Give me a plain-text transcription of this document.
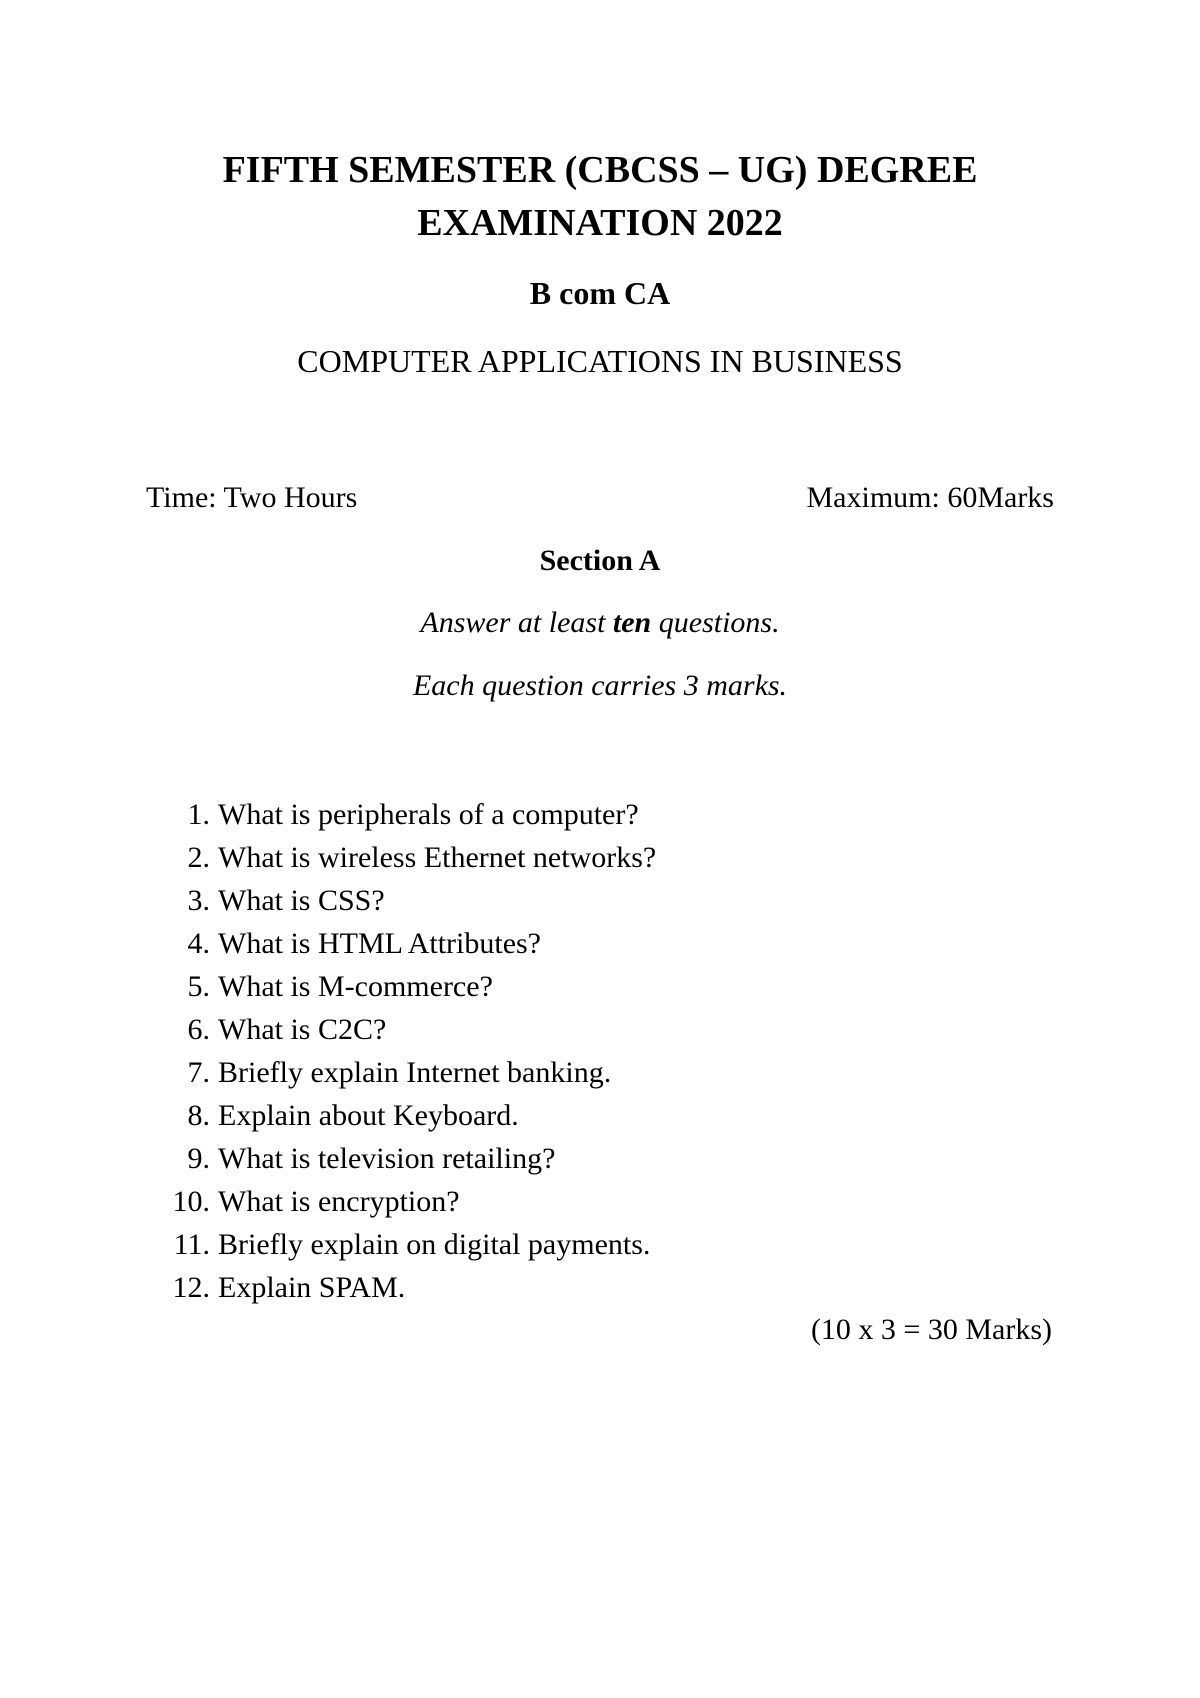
FIFTH SEMESTER (CBCSS – UG) DEGREE
EXAMINATION 2022
B com CA
COMPUTER APPLICATIONS IN BUSINESS
Time: Two Hours	Maximum: 60Marks
Section A
Answer at least ten questions.
Each question carries 3 marks.
1. What is peripherals of a computer?
2. What is wireless Ethernet networks?
3. What is CSS?
4. What is HTML Attributes?
5. What is M-commerce?
6. What is C2C?
7. Briefly explain Internet banking.
8. Explain about Keyboard.
9. What is television retailing?
10. What is encryption?
11. Briefly explain on digital payments.
12.Explain SPAM.
(10 x 3 = 30 Marks)
